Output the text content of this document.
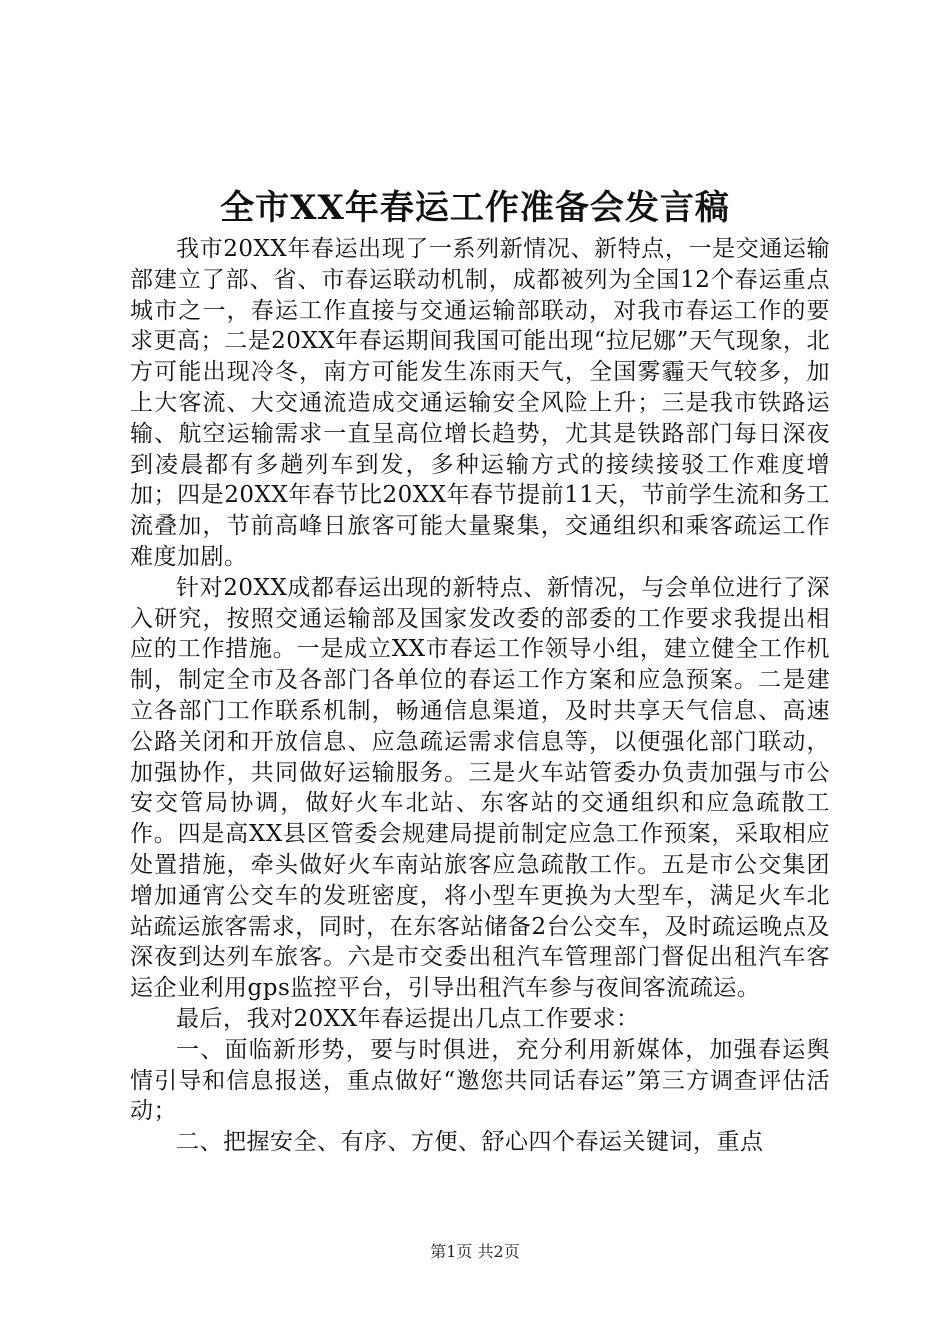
全市XX年春运工作准备会发言稿

我市20XX年春运出现了一系列新情况、新特点，一是交通运输部建立了部、省、市春运联动机制，成都被列为全国12个春运重点城市之一，春运工作直接与交通运输部联动，对我市春运工作的要求更高；二是20XX年春运期间我国可能出现“拉尼娜”天气现象，北方可能出现冷冬，南方可能发生冻雨天气，全国雾霾天气较多，加上大客流、大交通流造成交通运输安全风险上升；三是我市铁路运输、航空运输需求一直呈高位增长趋势，尤其是铁路部门每日深夜到凌晨都有多趟列车到发，多种运输方式的接续接驳工作难度增加；四是20XX年春节比20XX年春节提前11天，节前学生流和务工流叠加，节前高峰日旅客可能大量聚集，交通组织和乘客疏运工作难度加剧。

针对20XX成都春运出现的新特点、新情况，与会单位进行了深入研究，按照交通运输部及国家发改委的部委的工作要求我提出相应的工作措施。一是成立XX市春运工作领导小组，建立健全工作机制，制定全市及各部门各单位的春运工作方案和应急预案。二是建立各部门工作联系机制，畅通信息渠道，及时共享天气信息、高速公路关闭和开放信息、应急疏运需求信息等，以便强化部门联动，加强协作，共同做好运输服务。三是火车站管委办负责加强与市公安交管局协调，做好火车北站、东客站的交通组织和应急疏散工作。四是高XX县区管委会规建局提前制定应急工作预案，采取相应处置措施，牵头做好火车南站旅客应急疏散工作。五是市公交集团增加通宵公交车的发班密度，将小型车更换为大型车，满足火车北站疏运旅客需求，同时，在东客站储备2台公交车，及时疏运晚点及深夜到达列车旅客。六是市交委出租汽车管理部门督促出租汽车客运企业利用gps监控平台，引导出租汽车参与夜间客流疏运。

最后，我对20XX年春运提出几点工作要求：

一、面临新形势，要与时俱进，充分利用新媒体，加强春运舆情引导和信息报送，重点做好“邀您共同话春运”第三方调查评估活动；

二、把握安全、有序、方便、舒心四个春运关键词，重点

第1页 共2页
